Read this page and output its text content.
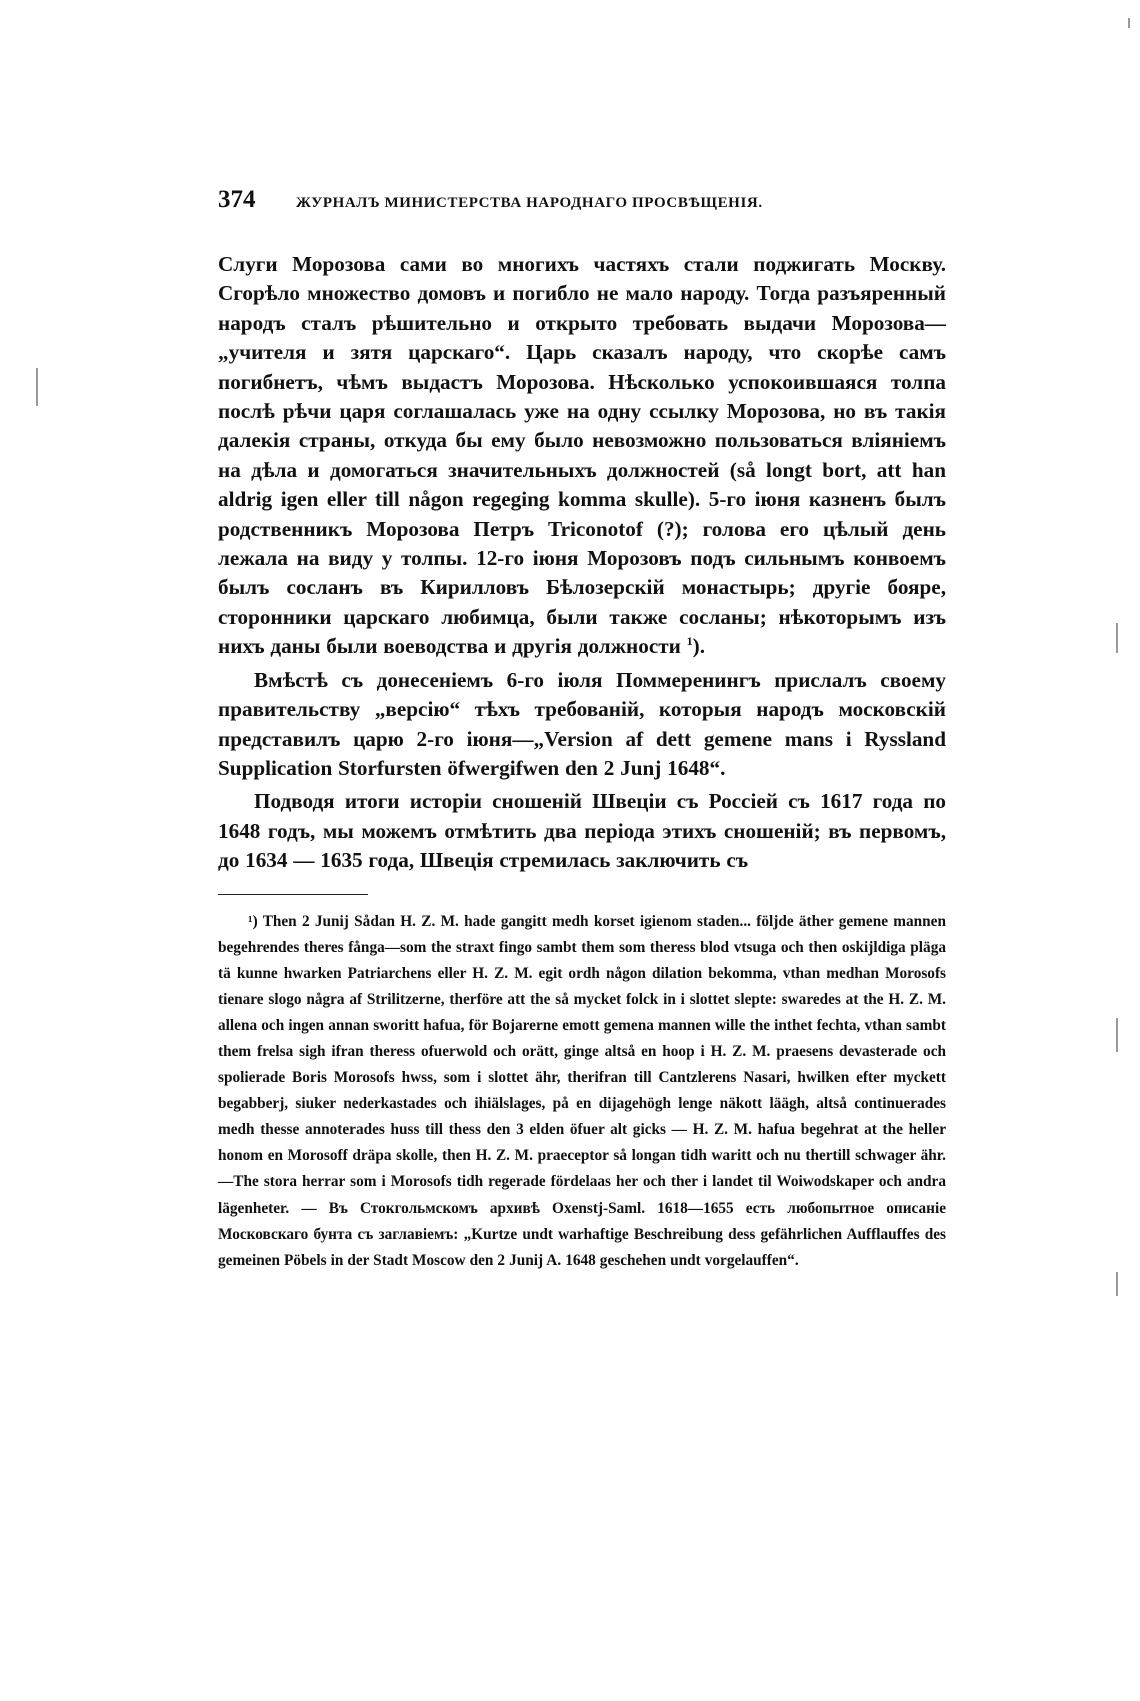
374	ЖУРНАЛЪ МИНИСТЕРСТВА НАРОДНАГО ПРОСВѢЩЕНІЯ.

Слуги Морозова сами во многихъ частяхъ стали поджигать Москву. Сгорѣло множество домовъ и погибло не мало народу. Тогда разъяренный народъ сталъ рѣшительно и открыто требовать выдачи Морозова—„учителя и зятя царскаго“. Царь сказалъ народу, что скорѣе самъ погибнетъ, чѣмъ выдастъ Морозова. Нѣсколько успокоившаяся толпа послѣ рѣчи царя соглашалась уже на одну ссылку Морозова, но въ такія далекія страны, откуда бы ему было невозможно пользоваться вліяніемъ на дѣла и домогаться значительныхъ должностей (så longt bort, att han aldrig igen eller till någon regeging komma skulle). 5-го іюня казненъ былъ родственникъ Морозова Петръ Triconotof (?); голова его цѣлый день лежала на виду у толпы. 12-го іюня Морозовъ подъ сильнымъ конвоемъ былъ сосланъ въ Кирилловъ Бѣлозерскій монастырь; другіе бояре, сторонники царскаго любимца, были также сосланы; нѣкоторымъ изъ нихъ даны были воеводства и другія должности $^1$).

Вмѣстѣ съ донесеніемъ 6-го іюля Поммеренингъ прислалъ своему правительству „версію“ тѣхъ требованій, которыя народъ московскій представилъ царю 2-го іюня—„Version af dett gemene mans i Ryssland Supplication Storfursten öfwergifwen den 2 Junj 1648“.

Подводя итоги исторіи сношеній Швеціи съ Россіей съ 1617 года по 1648 годъ, мы можемъ отмѣтить два періода этихъ сношеній; въ первомъ, до 1634 — 1635 года, Швеція стремилась заключить съ

¹) Then 2 Junij Sådan H. Z. M. hade gangitt medh korset igienom staden... följde äther gemene mannen begehrendes theres fånga—som the straxt fingo sambt them som theress blod vtsuga och then oskijldiga pläga tä kunne hwarken Patriarchens eller H. Z. M. egit ordh någon dilation bekomma, vthan medhan Morosofs tienare slogo några af Strilitzerne, therföre att the så mycket folck in i slottet slepte: swaredes at the H. Z. M. allena och ingen annan sworitt hafua, för Bojarerne emott gemena mannen wille the inthet fechta, vthan sambt them frelsa sigh ifran theress ofuerwold och orätt, ginge altså en hoop i H. Z. M. praesens devasterade och spolierade Boris Morosofs hwss, som i slottet ähr, therifran till Cantzlerens Nasari, hwilken efter myckett begabberj, siuker nederkastades och ihiälslages, på en dijagehögh lenge näkott läägh, altså continuerades medh thesse annoterades huss till thess den 3 elden öfuer alt gicks — H. Z. M. hafua begehrat at the heller honom en Morosoff dräpa skolle, then H. Z. M. praeceptor så longan tidh waritt och nu thertill schwager ähr.—The stora herrar som i Morosofs tidh regerade fördelaas her och ther i landet til Woiwodskaper och andra lägenheter. — Въ Стокгольмскомъ архивѣ Oxenstj-Saml. 1618—1655 есть любопытное описаніе Московскаго бунта съ заглавіемъ: „Kurtze undt warhaftige Beschreibung dess gefährlichen Aufflauffes des gemeinen Pöbels in der Stadt Moscow den 2 Junij A. 1648 geschehen undt vorgelauffen“.
